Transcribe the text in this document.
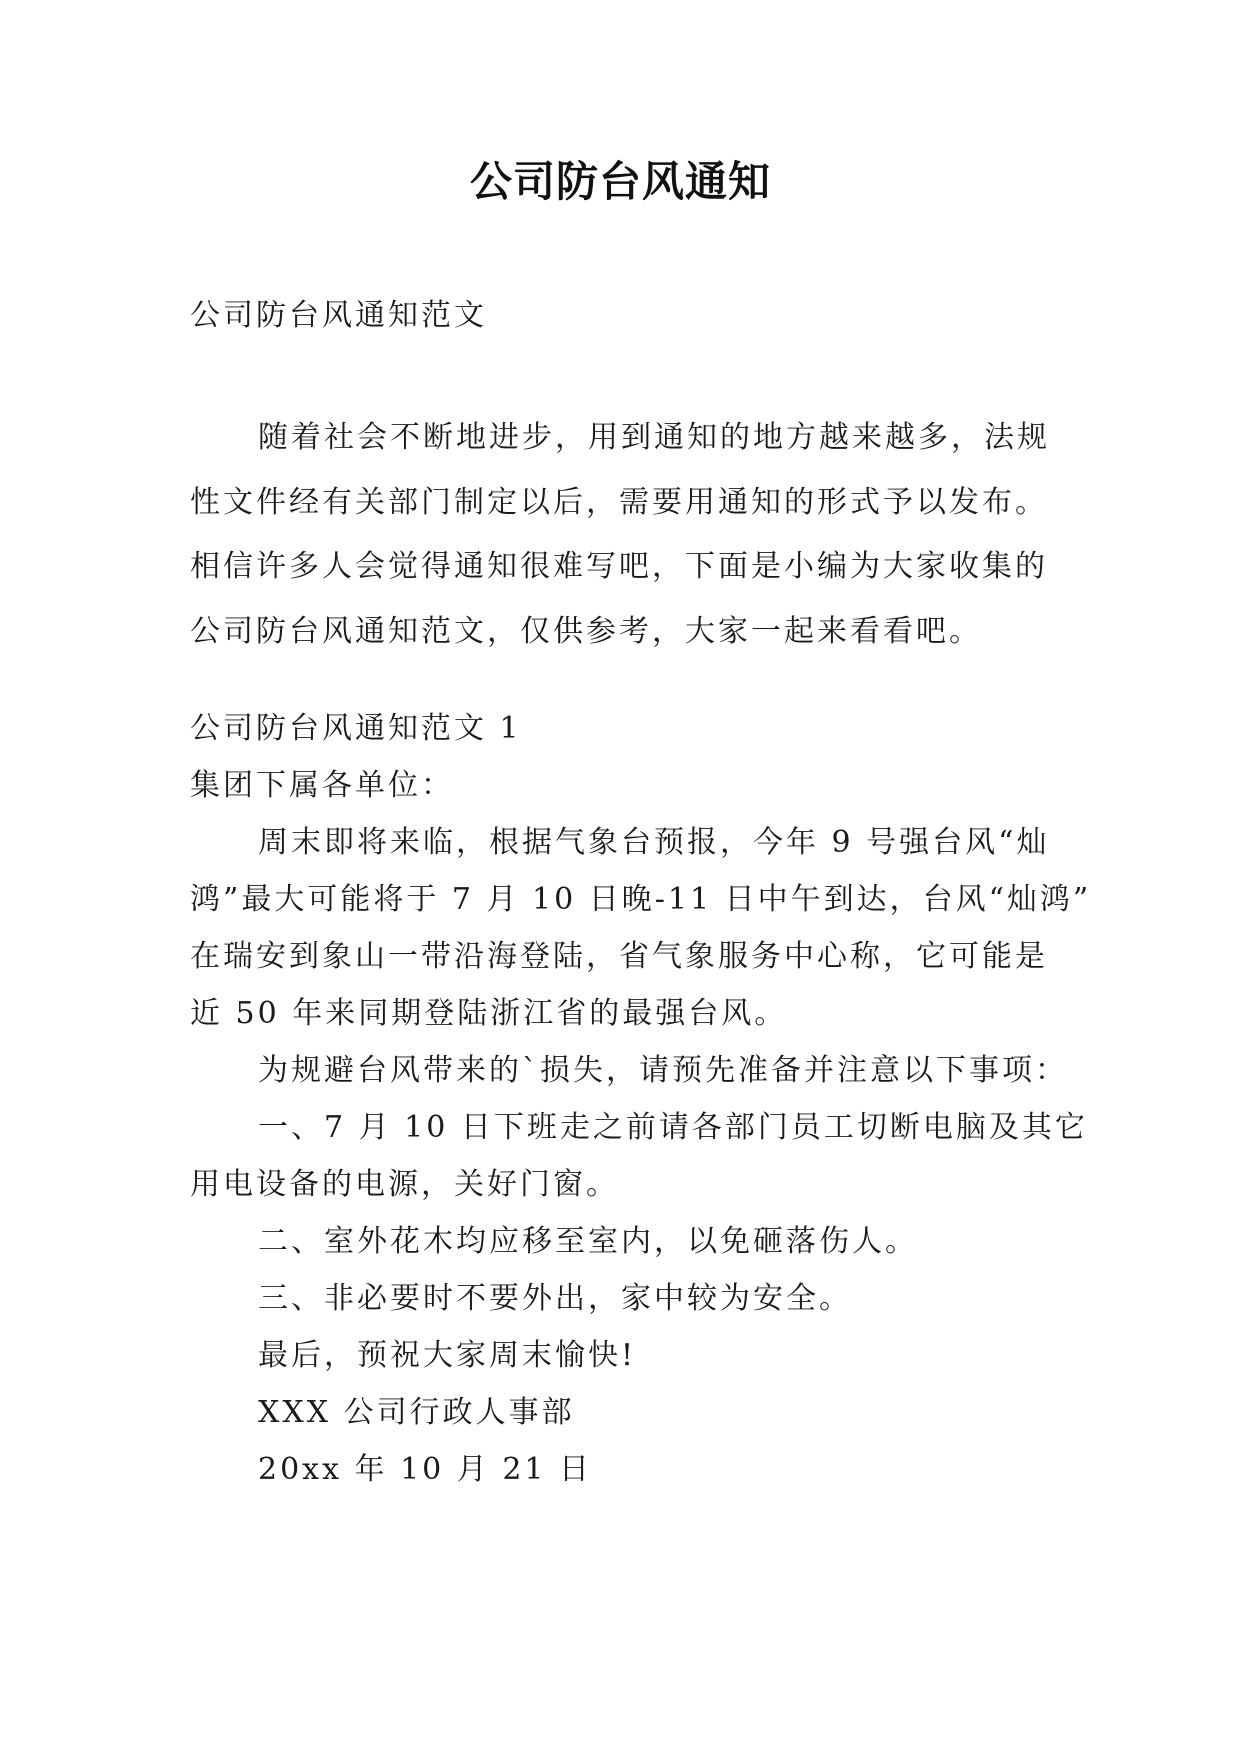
公司防台风通知
公司防台风通知范文
随着社会不断地进步，用到通知的地方越来越多，法规
性文件经有关部门制定以后，需要用通知的形式予以发布。
相信许多人会觉得通知很难写吧，下面是小编为大家收集的
公司防台风通知范文，仅供参考，大家一起来看看吧。
公司防台风通知范文 1
集团下属各单位：
周末即将来临，根据气象台预报，今年 9 号强台风“灿
鸿”最大可能将于 7 月 10 日晚-11 日中午到达，台风“灿鸿”
在瑞安到象山一带沿海登陆，省气象服务中心称，它可能是
近 50 年来同期登陆浙江省的最强台风。
为规避台风带来的`损失，请预先准备并注意以下事项：
一、7 月 10 日下班走之前请各部门员工切断电脑及其它
用电设备的电源，关好门窗。
二、室外花木均应移至室内，以免砸落伤人。
三、非必要时不要外出，家中较为安全。
最后，预祝大家周末愉快!
XXX 公司行政人事部
20xx 年 10 月 21 日
